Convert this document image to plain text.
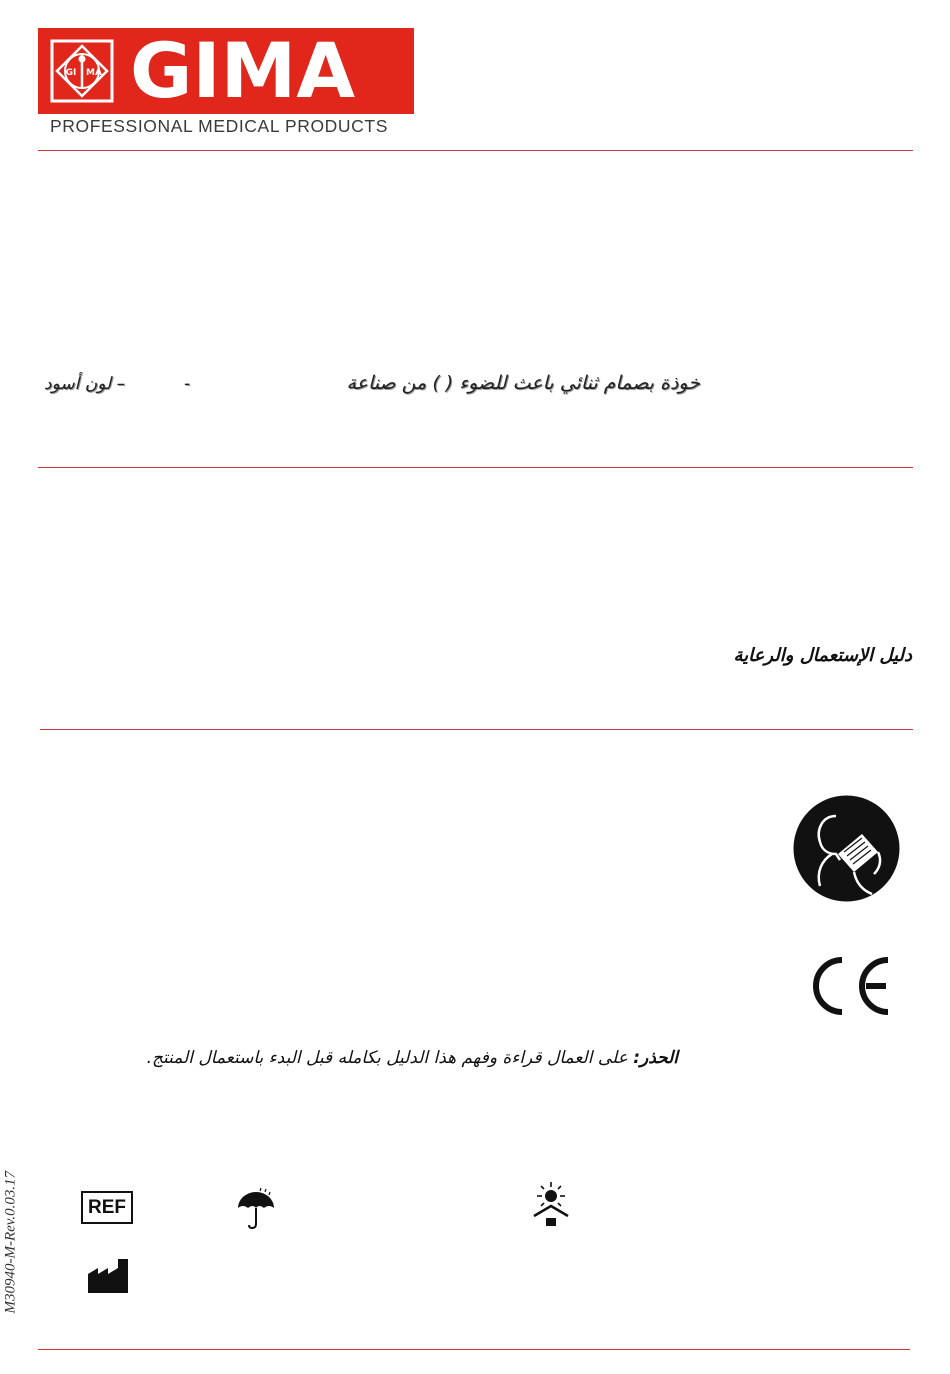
GI MA GIMA
PROFESSIONAL MEDICAL PRODUCTS
خوذة بصمام ثنائي باعث للضوء ( ) من صناعة
-
– لون أسود
دليل الإستعمال والرعاية
الحذر: على العمال قراءة وفهم هذا الدليل بكامله قبل البدء باستعمال المنتج.
REF
M30940-M-Rev.0.03.17
